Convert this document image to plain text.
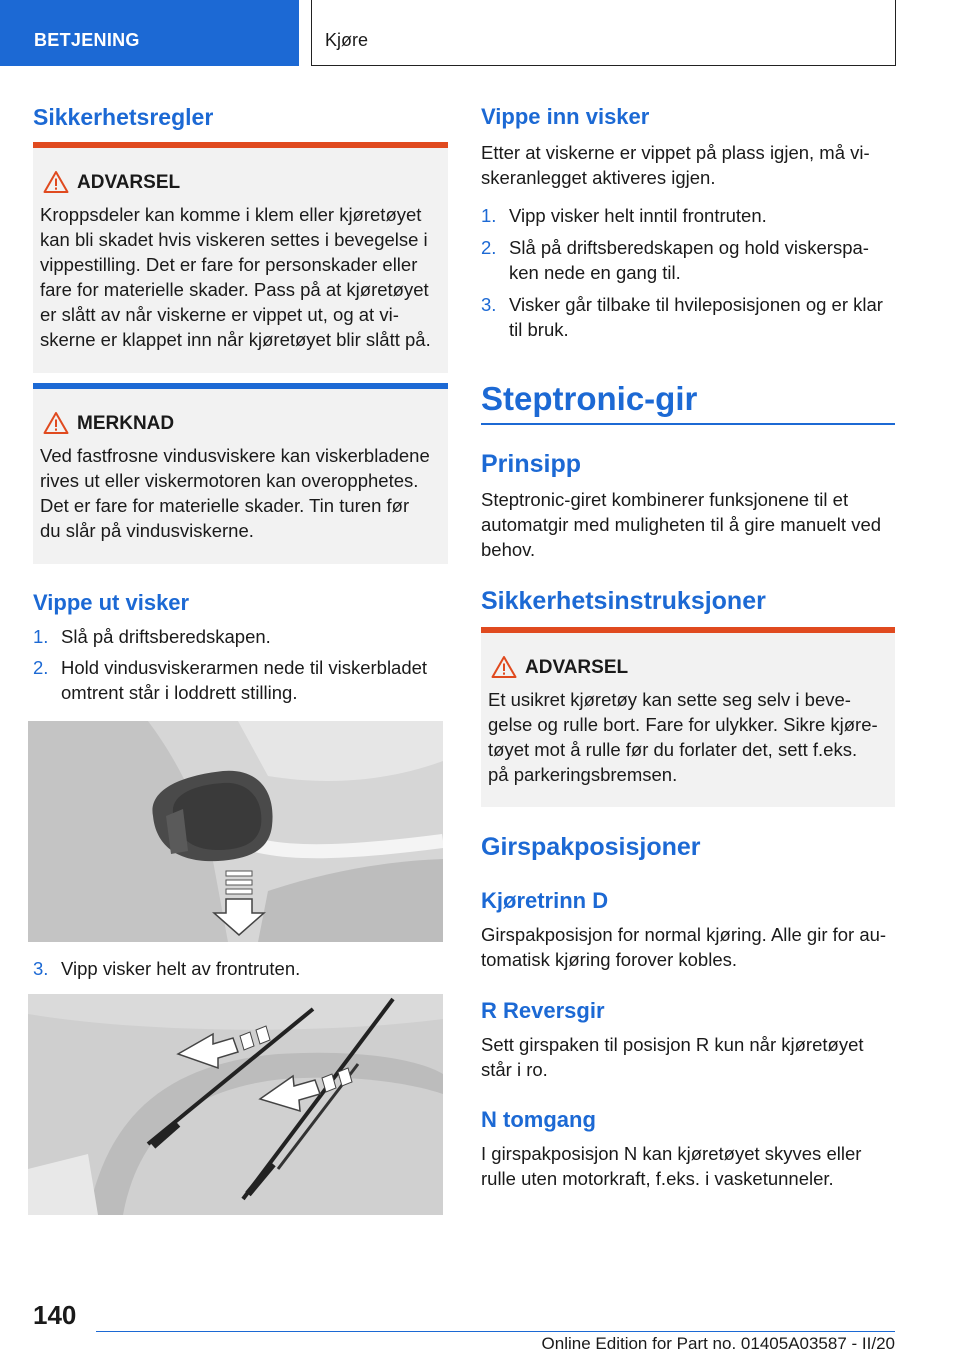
BETJENING	Kjøre
Sikkerhetsregler
ADVARSEL
Kroppsdeler kan komme i klem eller kjøretøyet
kan bli skadet hvis viskeren settes i bevegelse i
vippestilling. Det er fare for personskader eller
fare for materielle skader. Pass på at kjøretøyet
er slått av når viskerne er vippet ut, og at vi-
skerne er klappet inn når kjøretøyet blir slått på.
MERKNAD
Ved fastfrosne vindusviskere kan viskerbladene
rives ut eller viskermotoren kan overopphetes.
Det er fare for materielle skader. Tin turen før
du slår på vindusviskerne.
Vippe ut visker
1. Slå på driftsberedskapen.
2. Hold vindusviskerarmen nede til viskerbladet
omtrent står i loddrett stilling.
3. Vipp visker helt av frontruten.
Vippe inn visker
Etter at viskerne er vippet på plass igjen, må vi-
skeranlegget aktiveres igjen.
1. Vipp visker helt inntil frontruten.
2. Slå på driftsberedskapen og hold viskerspa-
ken nede en gang til.
3. Visker går tilbake til hvileposisjonen og er klar
til bruk.
Steptronic-gir
Prinsipp
Steptronic-giret kombinerer funksjonene til et
automatgir med muligheten til å gire manuelt ved
behov.
Sikkerhetsinstruksjoner
ADVARSEL
Et usikret kjøretøy kan sette seg selv i beve-
gelse og rulle bort. Fare for ulykker. Sikre kjøre-
tøyet mot å rulle før du forlater det, sett f.eks.
på parkeringsbremsen.
Girspakposisjoner
Kjøretrinn D
Girspakposisjon for normal kjøring. Alle gir for au-
tomatisk kjøring forover kobles.
R Reversgir
Sett girspaken til posisjon R kun når kjøretøyet
står i ro.
N tomgang
I girspakposisjon N kan kjøretøyet skyves eller
rulle uten motorkraft, f.eks. i vasketunneler.
140
Online Edition for Part no. 01405A03587 - II/20
